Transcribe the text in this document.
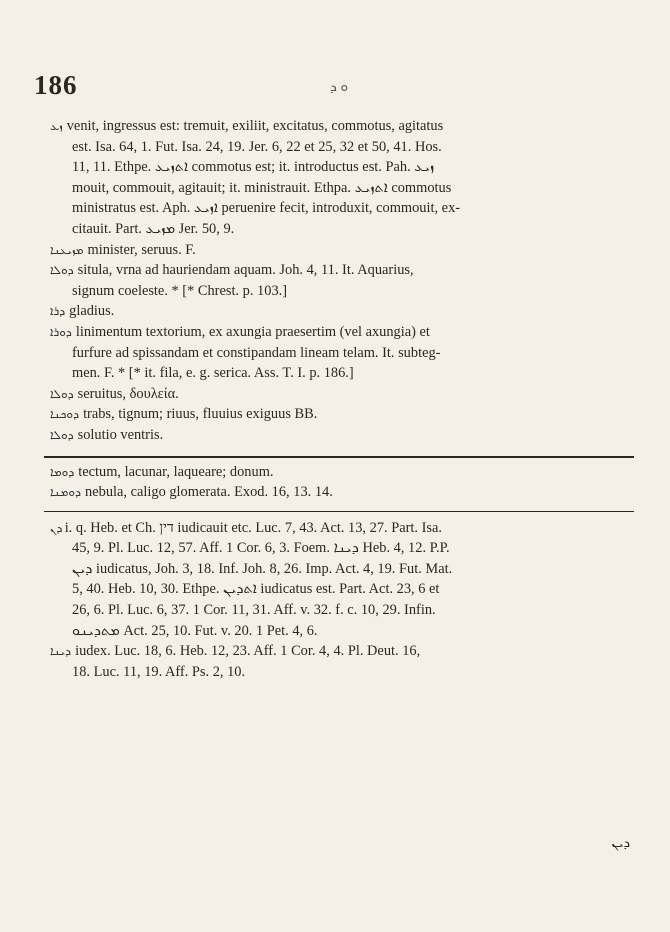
186	ܘ ܕ
ܙܥ venit, ingressus est: tremuit, exiliit, excitatus, commotus, agitatus
est. Isa. 64, 1. Fut. Isa. 24, 19. Jer. 6, 22 et 25, 32 et 50, 41. Hos.
11, 11. Ethpe. ܐܬܙܝܥ commotus est; it. introductus est. Pah. ܙܝܥ
mouit, commouit, agitauit; it. ministrauit. Ethpa. ܐܬܙܝܥ commotus
ministratus est. Aph. ܐܙܝܥ peruenire fecit, introduxit, commouit, ex-
citauit. Part. ܡܙܝܥ Jer. 50, 9.
ܡܙܝܥܢܐ minister, seruus. F.
ܕܘܠܐ situla, vrna ad hauriendam aquam. Joh. 4, 11. It. Aquarius,
signum coeleste. * [* Chrest. p. 103.]
ܕܪܐ gladius.
ܕܘܪܐ linimentum textorium, ex axungia praesertim (vel axungia) et
furfure ad spissandam et constipandam lineam telam. It. subteg-
men. F. * [* it. fila, e. g. serica. Ass. T. I. p. 186.]
ܕܘܠܐ seruitus, δουλεία.
ܕܘܟܢܐ trabs, tignum; riuus, fluuius exiguus BB.
ܕܘܠܐ solutio ventris.
ܕܘܡܐ tectum, lacunar, laqueare; donum.
ܕܘܡܢܐ nebula, caligo glomerata. Exod. 16, 13. 14.
ܕܢ i. q. Heb. et Ch. דין iudicauit etc. Luc. 7, 43. Act. 13, 27. Part. Isa.
45, 9. Pl. Luc. 12, 57. Aff. 1 Cor. 6, 3. Foem. ܕܝܢܐ Heb. 4, 12. P.P.
ܕܝܢ iudicatus, Joh. 3, 18. Inf. Joh. 8, 26. Imp. Act. 4, 19. Fut. Mat.
5, 40. Heb. 10, 30. Ethpe. ܐܬܕܝܢ iudicatus est. Part. Act. 23, 6 et
26, 6. Pl. Luc. 6, 37. 1 Cor. 11, 31. Aff. v. 32. f. c. 10, 29. Infin.
ܡܬܕܝܢܘ Act. 25, 10. Fut. v. 20. 1 Pet. 4, 6.
ܕܝܢܐ iudex. Luc. 18, 6. Heb. 12, 23. Aff. 1 Cor. 4, 4. Pl. Deut. 16,
18. Luc. 11, 19. Aff. Ps. 2, 10.
ܕܝܢ
